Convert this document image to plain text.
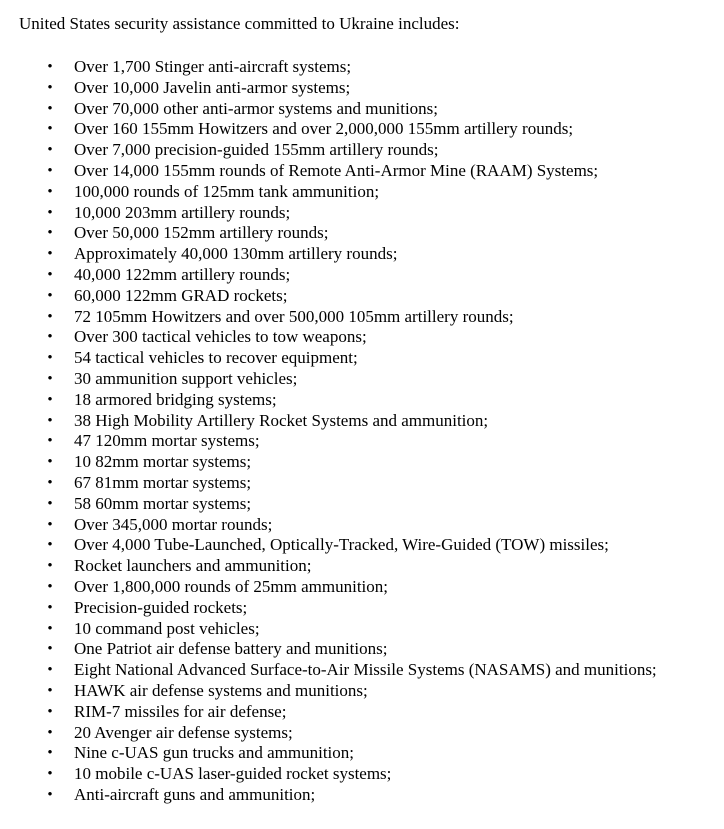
United States security assistance committed to Ukraine includes:

• Over 1,700 Stinger anti-aircraft systems;
• Over 10,000 Javelin anti-armor systems;
• Over 70,000 other anti-armor systems and munitions;
• Over 160 155mm Howitzers and over 2,000,000 155mm artillery rounds;
• Over 7,000 precision-guided 155mm artillery rounds;
• Over 14,000 155mm rounds of Remote Anti-Armor Mine (RAAM) Systems;
• 100,000 rounds of 125mm tank ammunition;
• 10,000 203mm artillery rounds;
• Over 50,000 152mm artillery rounds;
• Approximately 40,000 130mm artillery rounds;
• 40,000 122mm artillery rounds;
• 60,000 122mm GRAD rockets;
• 72 105mm Howitzers and over 500,000 105mm artillery rounds;
• Over 300 tactical vehicles to tow weapons;
• 54 tactical vehicles to recover equipment;
• 30 ammunition support vehicles;
• 18 armored bridging systems;
• 38 High Mobility Artillery Rocket Systems and ammunition;
• 47 120mm mortar systems;
• 10 82mm mortar systems;
• 67 81mm mortar systems;
• 58 60mm mortar systems;
• Over 345,000 mortar rounds;
• Over 4,000 Tube-Launched, Optically-Tracked, Wire-Guided (TOW) missiles;
• Rocket launchers and ammunition;
• Over 1,800,000 rounds of 25mm ammunition;
• Precision-guided rockets;
• 10 command post vehicles;
• One Patriot air defense battery and munitions;
• Eight National Advanced Surface-to-Air Missile Systems (NASAMS) and munitions;
• HAWK air defense systems and munitions;
• RIM-7 missiles for air defense;
• 20 Avenger air defense systems;
• Nine c-UAS gun trucks and ammunition;
• 10 mobile c-UAS laser-guided rocket systems;
• Anti-aircraft guns and ammunition;
